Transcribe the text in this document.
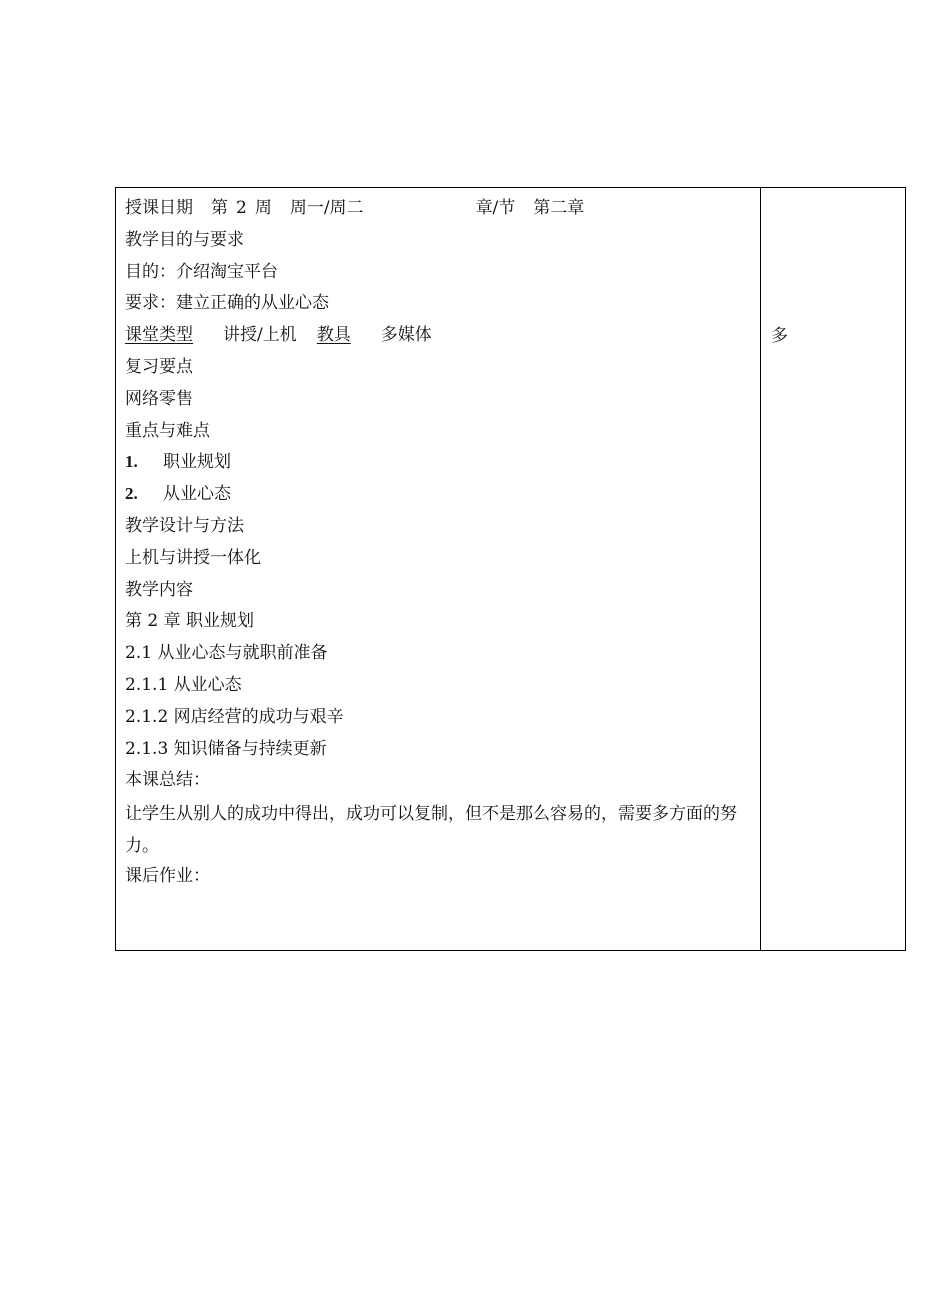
授课日期 第 2 周 周一/周二	章/节 第二章
教学目的与要求
目的：介绍淘宝平台
要求：建立正确的从业心态
课堂类型 讲授/上机 教具 多媒体
复习要点
网络零售
重点与难点
1. 职业规划
2. 从业心态
教学设计与方法
上机与讲授一体化
教学内容
第 2 章 职业规划
2.1 从业心态与就职前准备
2.1.1 从业心态
2.1.2 网店经营的成功与艰辛
2.1.3 知识储备与持续更新
本课总结：
让学生从别人的成功中得出，成功可以复制，但不是那么容易的，需要多方面的努力。
课后作业：
多
